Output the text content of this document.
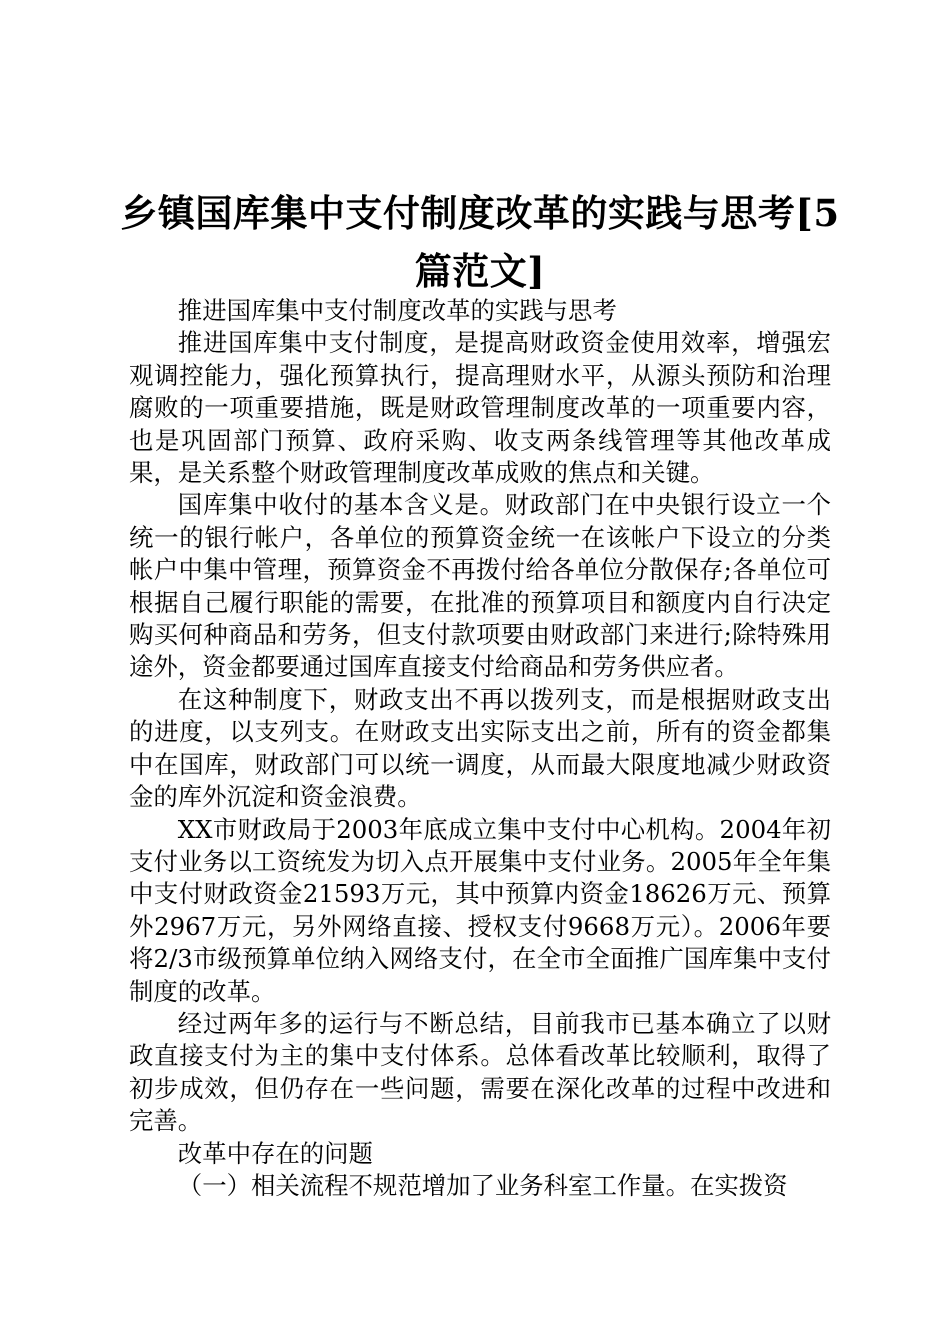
乡镇国库集中支付制度改革的实践与思考[5篇范文]

推进国库集中支付制度改革的实践与思考

推进国库集中支付制度，是提高财政资金使用效率，增强宏观调控能力，强化预算执行，提高理财水平，从源头预防和治理腐败的一项重要措施，既是财政管理制度改革的一项重要内容，也是巩固部门预算、政府采购、收支两条线管理等其他改革成果，是关系整个财政管理制度改革成败的焦点和关键。

国库集中收付的基本含义是。财政部门在中央银行设立一个统一的银行帐户，各单位的预算资金统一在该帐户下设立的分类帐户中集中管理，预算资金不再拨付给各单位分散保存;各单位可根据自己履行职能的需要，在批准的预算项目和额度内自行决定购买何种商品和劳务，但支付款项要由财政部门来进行;除特殊用途外，资金都要通过国库直接支付给商品和劳务供应者。

在这种制度下，财政支出不再以拨列支，而是根据财政支出的进度，以支列支。在财政支出实际支出之前，所有的资金都集中在国库，财政部门可以统一调度，从而最大限度地减少财政资金的库外沉淀和资金浪费。

XX市财政局于2003年底成立集中支付中心机构。2004年初支付业务以工资统发为切入点开展集中支付业务。2005年全年集中支付财政资金21593万元，其中预算内资金18626万元、预算外2967万元，另外网络直接、授权支付9668万元）。2006年要将2/3市级预算单位纳入网络支付，在全市全面推广国库集中支付制度的改革。

经过两年多的运行与不断总结，目前我市已基本确立了以财政直接支付为主的集中支付体系。总体看改革比较顺利，取得了初步成效，但仍存在一些问题，需要在深化改革的过程中改进和完善。

改革中存在的问题

（一）相关流程不规范增加了业务科室工作量。在实拨资
